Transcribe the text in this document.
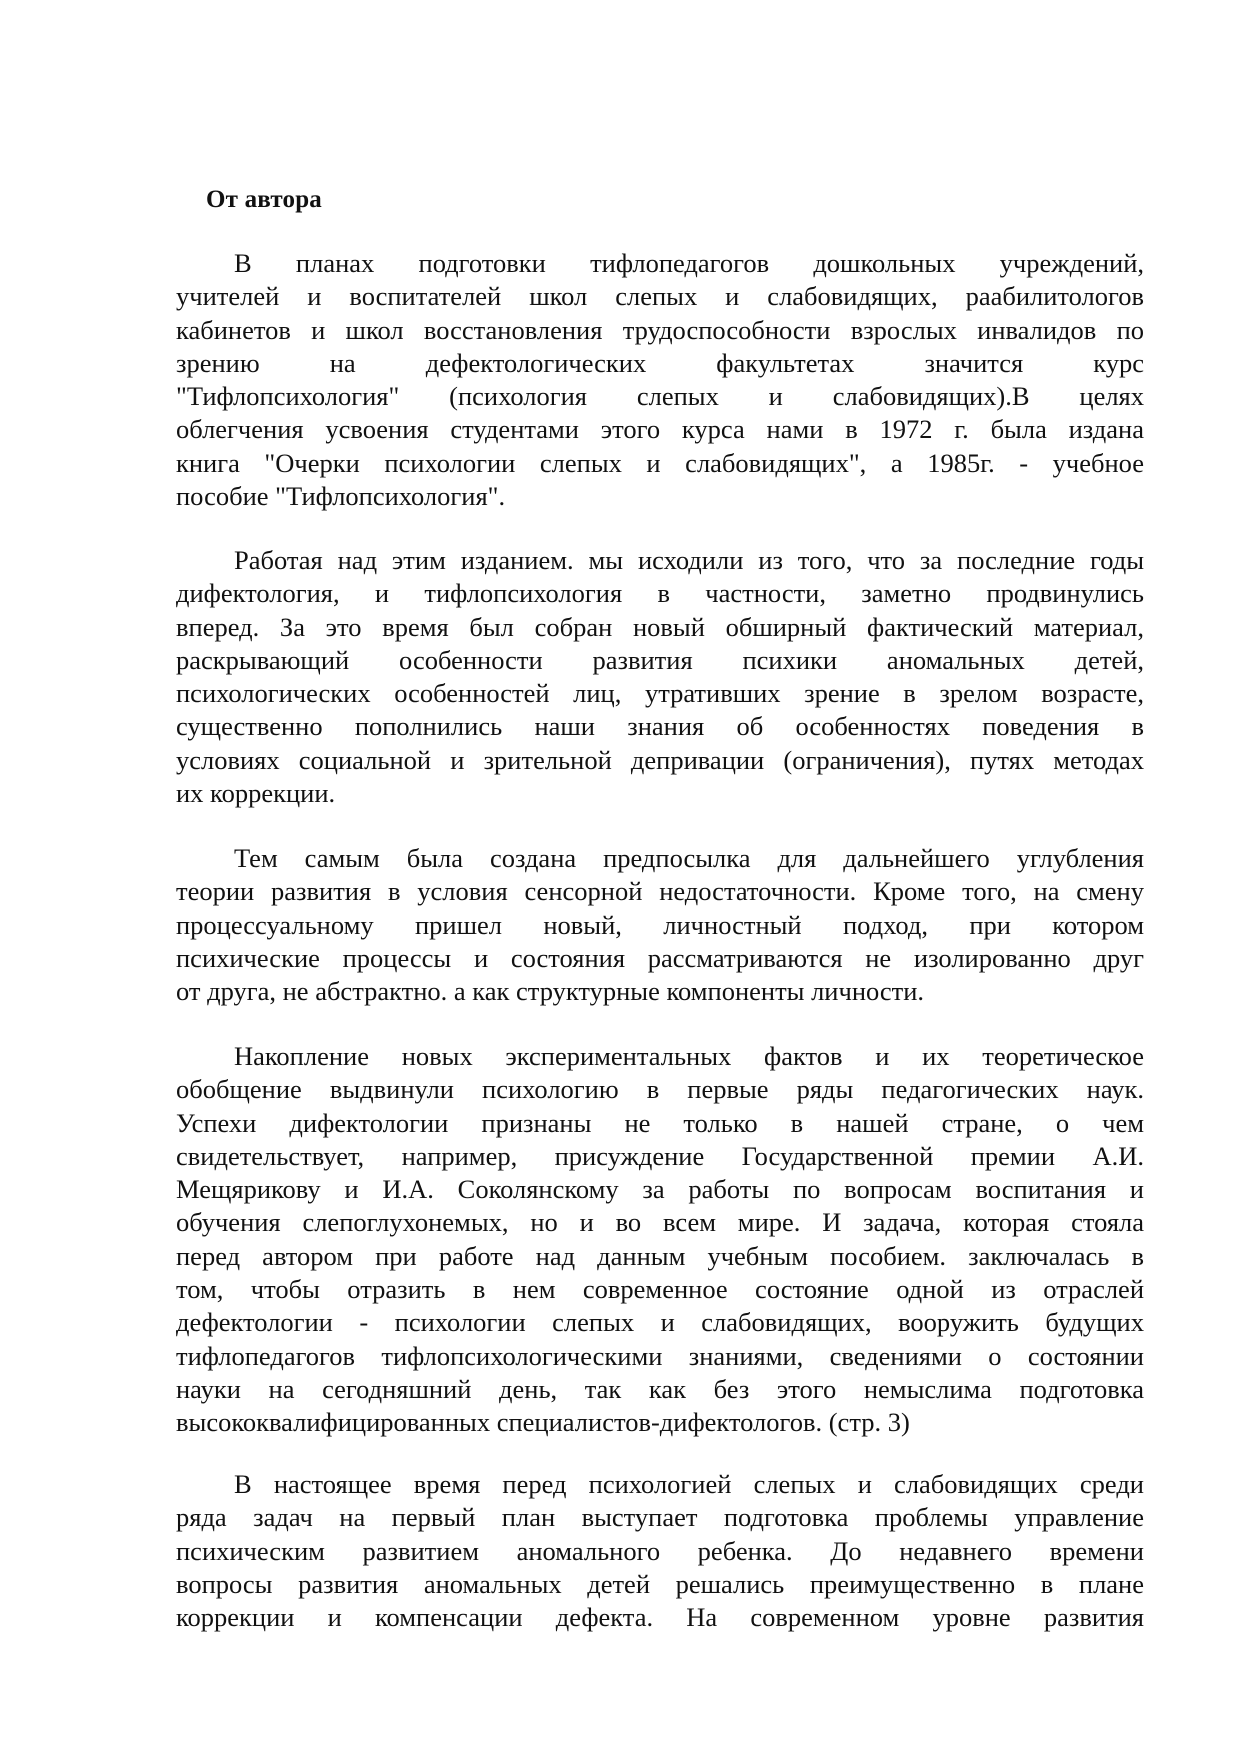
От автора
В планах подготовки тифлопедагогов дошкольных учреждений,
учителей и воспитателей школ слепых и слабовидящих, раабилитологов
кабинетов и школ восстановления трудоспособности взрослых инвалидов по
зрению на дефектологических факультетах значится курс
"Тифлопсихология" (психология слепых и слабовидящих).В целях
облегчения усвоения студентами этого курса нами в 1972 г. была издана
книга "Очерки психологии слепых и слабовидящих", а 1985г. - учебное
пособие "Тифлопсихология".
Работая над этим изданием. мы исходили из того, что за последние годы
дифектология, и тифлопсихология в частности, заметно продвинулись
вперед. За это время был собран новый обширный фактический материал,
раскрывающий особенности развития психики аномальных детей,
психологических особенностей лиц, утративших зрение в зрелом возрасте,
существенно пополнились наши знания об особенностях поведения в
условиях социальной и зрительной депривации (ограничения), путях методах
их коррекции.
Тем самым была создана предпосылка для дальнейшего углубления
теории развития в условия сенсорной недостаточности. Кроме того, на смену
процессуальному пришел новый, личностный подход, при котором
психические процессы и состояния рассматриваются не изолированно друг
от друга, не абстрактно. а как структурные компоненты личности.
Накопление новых экспериментальных фактов и их теоретическое
обобщение выдвинули психологию в первые ряды педагогических наук.
Успехи дифектологии признаны не только в нашей стране, о чем
свидетельствует, например, присуждение Государственной премии А.И.
Мещярикову и И.А. Соколянскому за работы по вопросам воспитания и
обучения слепоглухонемых, но и во всем мире. И задача, которая стояла
перед автором при работе над данным учебным пособием. заключалась в
том, чтобы отразить в нем современное состояние одной из отраслей
дефектологии - психологии слепых и слабовидящих, вооружить будущих
тифлопедагогов тифлопсихологическими знаниями, сведениями о состоянии
науки на сегодняшний день, так как без этого немыслима подготовка
высококвалифицированных специалистов-дифектологов. (стр. 3)
В настоящее время перед психологией слепых и слабовидящих среди
ряда задач на первый план выступает подготовка проблемы управление
психическим развитием аномального ребенка. До недавнего времени
вопросы развития аномальных детей решались преимущественно в плане
коррекции и компенсации дефекта. На современном уровне развития
